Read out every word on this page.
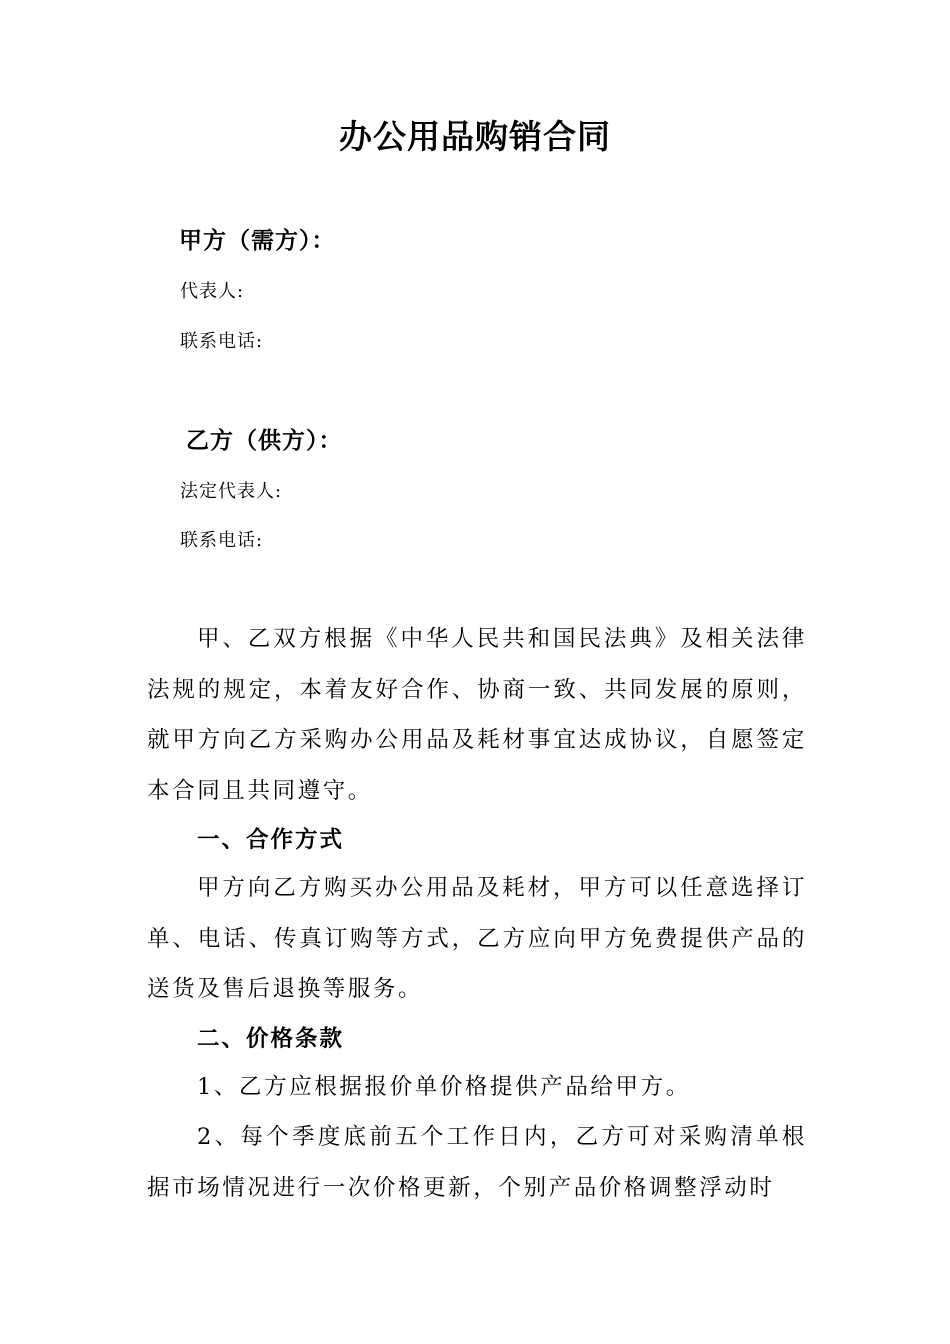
办公用品购销合同
甲方（需方）：
代表人:
联系电话:
乙方（供方）：
法定代表人:
联系电话:
甲、乙双方根据《中华人民共和国民法典》及相关法律法规的规定，本着友好合作、协商一致、共同发展的原则，就甲方向乙方采购办公用品及耗材事宜达成协议，自愿签定本合同且共同遵守。
一、合作方式
甲方向乙方购买办公用品及耗材，甲方可以任意选择订单、电话、传真订购等方式，乙方应向甲方免费提供产品的送货及售后退换等服务。
二、价格条款
1、乙方应根据报价单价格提供产品给甲方。
2、每个季度底前五个工作日内，乙方可对采购清单根据市场情况进行一次价格更新，个别产品价格调整浮动时
